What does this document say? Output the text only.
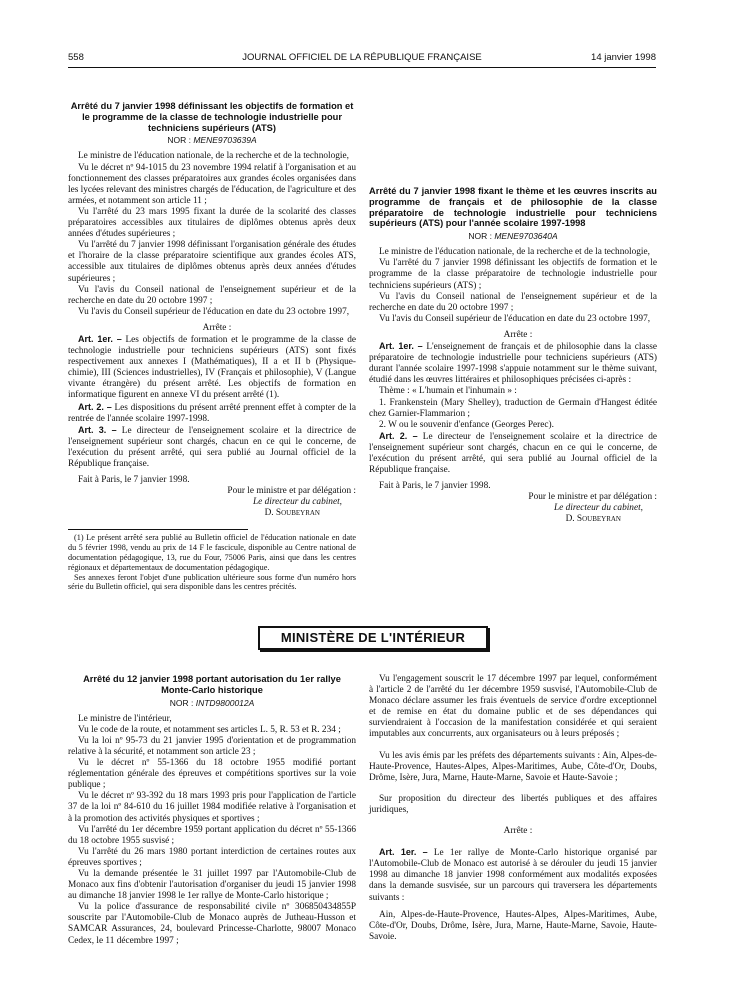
558	JOURNAL OFFICIEL DE LA RÉPUBLIQUE FRANÇAISE	14 janvier 1998
Arrêté du 7 janvier 1998 définissant les objectifs de formation et le programme de la classe de technologie industrielle pour techniciens supérieurs (ATS)
NOR : MENE9703639A

Le ministre de l'éducation nationale, de la recherche et de la technologie,

Vu le décret nº 94-1015 du 23 novembre 1994 relatif à l'organisation et au fonctionnement des classes préparatoires aux grandes écoles organisées dans les lycées relevant des ministres chargés de l'éducation, de l'agriculture et des armées, et notamment son article 11 ;

Vu l'arrêté du 23 mars 1995 fixant la durée de la scolarité des classes préparatoires accessibles aux titulaires de diplômes obtenus après deux années d'études supérieures ;

Vu l'arrêté du 7 janvier 1998 définissant l'organisation générale des études et l'horaire de la classe préparatoire scientifique aux grandes écoles ATS, accessible aux titulaires de diplômes obtenus après deux années d'études supérieures ;

Vu l'avis du Conseil national de l'enseignement supérieur et de la recherche en date du 20 octobre 1997 ;

Vu l'avis du Conseil supérieur de l'éducation en date du 23 octobre 1997,

Arrête :

Art. 1er. – Les objectifs de formation et le programme de la classe de technologie industrielle pour techniciens supérieurs (ATS) sont fixés respectivement aux annexes I (Mathématiques), II a et II b (Physique-chimie), III (Sciences industrielles), IV (Français et philosophie), V (Langue vivante étrangère) du présent arrêté. Les objectifs de formation en informatique figurent en annexe VI du présent arrêté (1).

Art. 2. – Les dispositions du présent arrêté prennent effet à compter de la rentrée de l'année scolaire 1997-1998.

Art. 3. – Le directeur de l'enseignement scolaire et la directrice de l'enseignement supérieur sont chargés, chacun en ce qui le concerne, de l'exécution du présent arrêté, qui sera publié au Journal officiel de la République française.

Fait à Paris, le 7 janvier 1998.

Pour le ministre et par délégation :

Le directeur du cabinet,

D. Soubeyran

(1) Le présent arrêté sera publié au Bulletin officiel de l'éducation nationale en date du 5 février 1998, vendu au prix de 14 F le fascicule, disponible au Centre national de documentation pédagogique, 13, rue du Four, 75006 Paris, ainsi que dans les centres régionaux et départementaux de documentation pédagogique.

Ses annexes feront l'objet d'une publication ultérieure sous forme d'un numéro hors série du Bulletin officiel, qui sera disponible dans les centres précités.

Arrêté du 7 janvier 1998 fixant le thème et les œuvres inscrits au programme de français et de philosophie de la classe préparatoire de technologie industrielle pour techniciens supérieurs (ATS) pour l'année scolaire 1997-1998
NOR : MENE9703640A

Le ministre de l'éducation nationale, de la recherche et de la technologie,

Vu l'arrêté du 7 janvier 1998 définissant les objectifs de formation et le programme de la classe préparatoire de technologie industrielle pour techniciens supérieurs (ATS) ;

Vu l'avis du Conseil national de l'enseignement supérieur et de la recherche en date du 20 octobre 1997 ;

Vu l'avis du Conseil supérieur de l'éducation en date du 23 octobre 1997,

Arrête :

Art. 1er. – L'enseignement de français et de philosophie dans la classe préparatoire de technologie industrielle pour techniciens supérieurs (ATS) durant l'année scolaire 1997-1998 s'appuie notamment sur le thème suivant, étudié dans les œuvres littéraires et philosophiques précisées ci-après :

Thème : « L'humain et l'inhumain » :

1. Frankenstein (Mary Shelley), traduction de Germain d'Hangest éditée chez Garnier-Flammarion ;

2. W ou le souvenir d'enfance (Georges Perec).

Art. 2. – Le directeur de l'enseignement scolaire et la directrice de l'enseignement supérieur sont chargés, chacun en ce qui le concerne, de l'exécution du présent arrêté, qui sera publié au Journal officiel de la République française.

Fait à Paris, le 7 janvier 1998.

Pour le ministre et par délégation :

Le directeur du cabinet,

D. Soubeyran

MINISTÈRE DE L'INTÉRIEUR
Arrêté du 12 janvier 1998 portant autorisation du 1er rallye Monte-Carlo historique
NOR : INTD9800012A

Le ministre de l'intérieur,

Vu le code de la route, et notamment ses articles L. 5, R. 53 et R. 234 ;

Vu la loi nº 95-73 du 21 janvier 1995 d'orientation et de programmation relative à la sécurité, et notamment son article 23 ;

Vu le décret nº 55-1366 du 18 octobre 1955 modifié portant réglementation générale des épreuves et compétitions sportives sur la voie publique ;

Vu le décret nº 93-392 du 18 mars 1993 pris pour l'application de l'article 37 de la loi nº 84-610 du 16 juillet 1984 modifiée relative à l'organisation et à la promotion des activités physiques et sportives ;

Vu l'arrêté du 1er décembre 1959 portant application du décret nº 55-1366 du 18 octobre 1955 susvisé ;

Vu l'arrêté du 26 mars 1980 portant interdiction de certaines routes aux épreuves sportives ;

Vu la demande présentée le 31 juillet 1997 par l'Automobile-Club de Monaco aux fins d'obtenir l'autorisation d'organiser du jeudi 15 janvier 1998 au dimanche 18 janvier 1998 le 1er rallye de Monte-Carlo historique ;

Vu la police d'assurance de responsabilité civile nº 306850434855P souscrite par l'Automobile-Club de Monaco auprès de Jutheau-Husson et SAMCAR Assurances, 24, boulevard Princesse-Charlotte, 98007 Monaco Cedex, le 11 décembre 1997 ;

Vu l'engagement souscrit le 17 décembre 1997 par lequel, conformément à l'article 2 de l'arrêté du 1er décembre 1959 susvisé, l'Automobile-Club de Monaco déclare assumer les frais éventuels de service d'ordre exceptionnel et de remise en état du domaine public et de ses dépendances qui surviendraient à l'occasion de la manifestation considérée et qui seraient imputables aux concurrents, aux organisateurs ou à leurs préposés ;

Vu les avis émis par les préfets des départements suivants : Ain, Alpes-de-Haute-Provence, Hautes-Alpes, Alpes-Maritimes, Aube, Côte-d'Or, Doubs, Drôme, Isère, Jura, Marne, Haute-Marne, Savoie et Haute-Savoie ;

Sur proposition du directeur des libertés publiques et des affaires juridiques,

Arrête :

Art. 1er. – Le 1er rallye de Monte-Carlo historique organisé par l'Automobile-Club de Monaco est autorisé à se dérouler du jeudi 15 janvier 1998 au dimanche 18 janvier 1998 conformément aux modalités exposées dans la demande susvisée, sur un parcours qui traversera les départements suivants :

Ain, Alpes-de-Haute-Provence, Hautes-Alpes, Alpes-Maritimes, Aube, Côte-d'Or, Doubs, Drôme, Isère, Jura, Marne, Haute-Marne, Savoie, Haute-Savoie.
